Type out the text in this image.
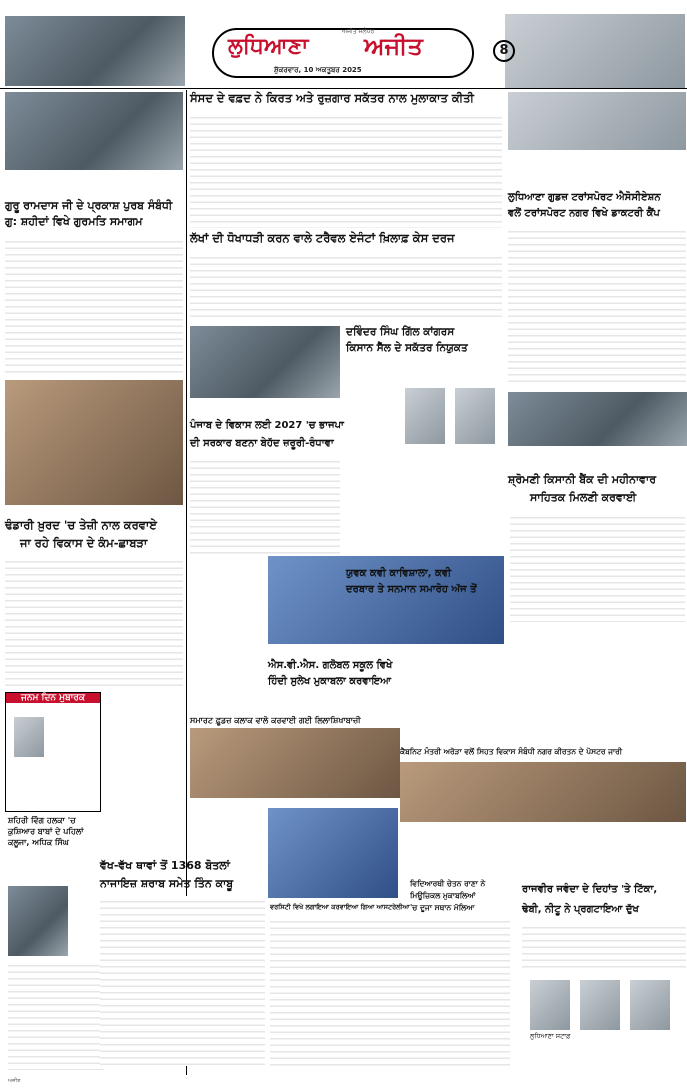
ਲੁਧਿਆਣਾ
ਅਜੀਤ ਜਲੰਧਰ
ਅਜੀਤ
ਸ਼ੁੱਕਰਵਾਰ, 10 ਅਕਤੂਬਰ 2025
8
ਗੁਰੂ ਰਾਮਦਾਸ ਜੀ ਦੇ ਪ੍ਰਕਾਸ਼ ਪੁਰਬ ਸੰਬੰਧੀ
ਗੁ: ਸ਼ਹੀਦਾਂ ਵਿਖੇ ਗੁਰਮਤਿ ਸਮਾਗਮ
ਢੰਡਾਰੀ ਖ਼ੁਰਦ 'ਚ ਤੇਜ਼ੀ ਨਾਲ ਕਰਵਾਏ
ਜਾ ਰਹੇ ਵਿਕਾਸ ਦੇ ਕੰਮ-ਛਾਬੜਾ
ਜਨਮ ਦਿਨ ਮੁਬਾਰਕ
ਸ਼ਹਿਰੀ ਵਿੰਗ ਹਲਕਾ 'ਚ
ਕੁਸ਼ਿਆਰ ਬਾਬਾਂ ਦੇ ਪਹਿਲਾਂ
ਕਲੂਜਾ, ਅਧਿਕ ਸਿੰਘ
ਸੰਸਦ ਦੇ ਵਫ਼ਦ ਨੇ ਕਿਰਤ ਅਤੇ ਰੁਜ਼ਗਾਰ ਸਕੱਤਰ ਨਾਲ ਮੁਲਾਕਾਤ ਕੀਤੀ
ਲੱਖਾਂ ਦੀ ਧੋਖਾਧੜੀ ਕਰਨ ਵਾਲੇ ਟਰੈਵਲ ਏਜੰਟਾਂ ਖ਼ਿਲਾਫ਼ ਕੇਸ ਦਰਜ
ਪੰਜਾਬ ਦੇ ਵਿਕਾਸ ਲਈ 2027 'ਚ ਭਾਜਪਾ
ਦੀ ਸਰਕਾਰ ਬਣਨਾ ਬੇਹੱਦ ਜ਼ਰੂਰੀ-ਰੰਧਾਵਾ
ਦਵਿੰਦਰ ਸਿੰਘ ਗਿੱਲ ਕਾਂਗਰਸ
ਕਿਸਾਨ ਸੈੱਲ ਦੇ ਸਕੱਤਰ ਨਿਯੁਕਤ
ਐਸ.ਵੀ.ਐਸ. ਗਲੋਬਲ ਸਕੂਲ ਵਿਖੇ
ਹਿੰਦੀ ਸੁਲੇਖ ਮੁਕਾਬਲਾ ਕਰਵਾਇਆ
ਸਮਾਰਟ ਫ਼ੂਡਜ਼ ਕਲਾਕ ਵਾਲੋ ਕਰਵਾਈ ਗਈ ਲਿਲਾਸ਼ਿਖਾਬਾਜ਼ੀ
ਵੱਖ-ਵੱਖ ਥਾਵਾਂ ਤੋਂ 1368 ਬੋਤਲਾਂ
ਨਾਜਾਇਜ਼ ਸ਼ਰਾਬ ਸਮੇਤ ਤਿੰਨ ਕਾਬੂ
ਵਰਸਿਟੀ ਵਿਖੇ ਲਗਾਇਆ ਕਰਵਾਇਆ ਗਿਆ ਆਸਟਰੇਲੀਆ
ਲੁਧਿਆਣਾ ਗੁਡਜ਼ ਟਰਾਂਸਪੋਰਟ ਐਸੋਸੀਏਸ਼ਨ
ਵਲੋਂ ਟਰਾਂਸਪੋਰਟ ਨਗਰ ਵਿਖੇ ਡਾਕਟਰੀ ਕੈਂਪ
ਸ਼੍ਰੋਮਣੀ ਕਿਸਾਨੀ ਬੈਂਕ ਦੀ ਮਹੀਨਾਵਾਰ
ਸਾਹਿਤਕ ਮਿਲਣੀ ਕਰਵਾਈ
ਯੁਵਕ ਕਵੀ ਕਾਵਿਸ਼ਾਲਾ, ਕਵੀ
ਦਰਬਾਰ ਤੇ ਸਨਮਾਨ ਸਮਾਰੋਹ ਅੱਜ ਤੋਂ
ਕੈਬਨਿਟ ਮੰਤਰੀ ਅਰੋੜਾ ਵਲੋਂ ਸਿਹਤ ਵਿਕਾਸ ਸੰਬੰਧੀ ਨਗਰ ਕੀਰਤਨ ਦੇ ਪੋਸਟਰ ਜਾਰੀ
ਵਿਦਿਆਰਥੀ ਚੇਤਨ ਰਾਣਾ ਨੇ
ਮਿਊਜ਼ਿਕਲ ਮੁਕਾਬਲਿਆਂ
'ਚ ਦੂਜਾ ਸਥਾਨ ਮੱਲਿਆ
ਰਾਜਵੀਰ ਜਵੰਦਾ ਦੇ ਦਿਹਾਂਤ 'ਤੇ ਟਿੱਕਾ,
ਢੇਬੀ, ਨੀਟੂ ਨੇ ਪ੍ਰਗਟਾਇਆ ਦੁੱਖ
ਲੁਧਿਆਣਾ ਸਟਾਫ਼
ਅਜੀਤ
